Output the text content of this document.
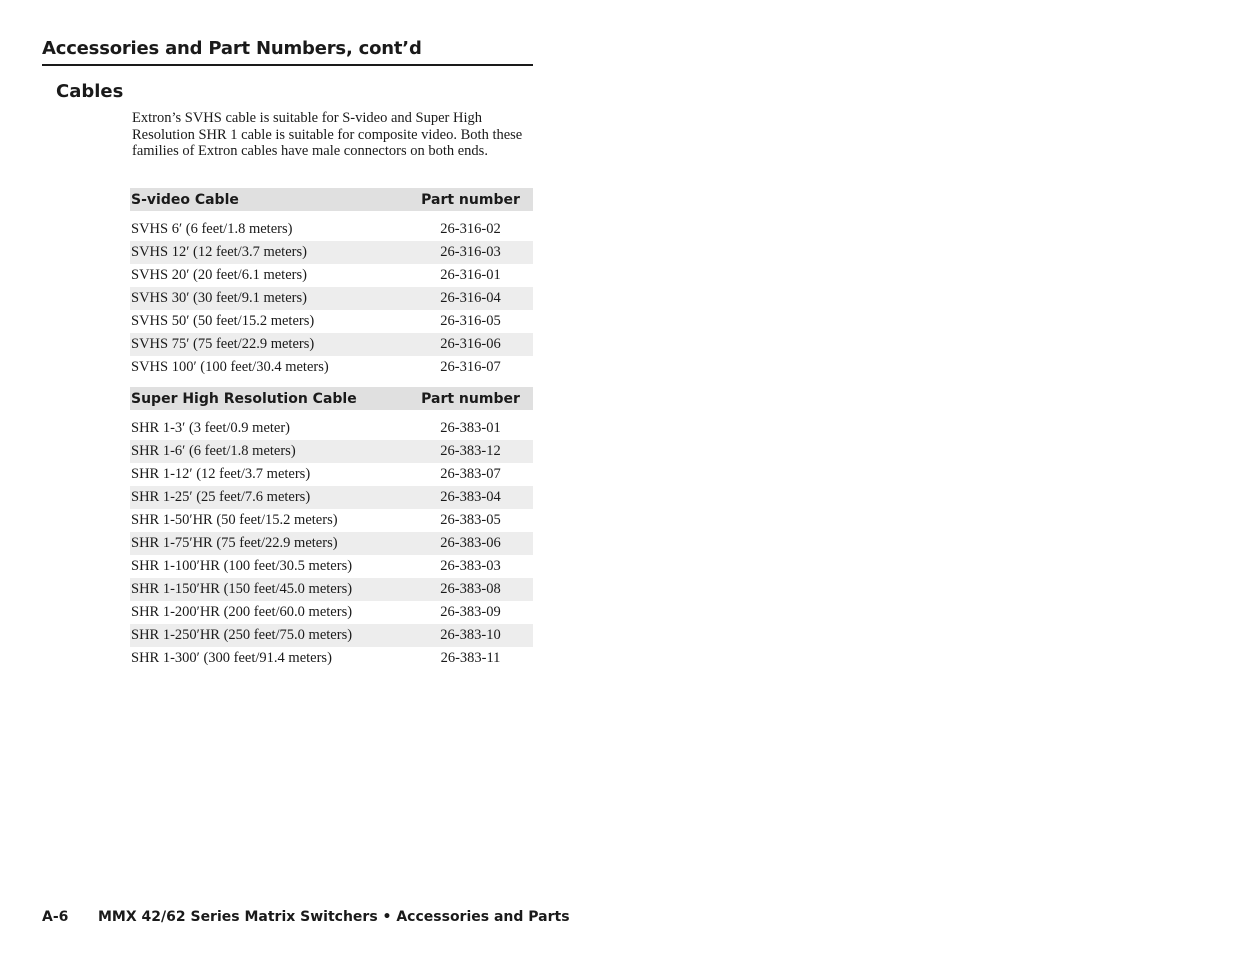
Accessories and Part Numbers, cont’d
Cables

Extron’s SVHS cable is suitable for S-video and Super High Resolution SHR 1 cable is suitable for composite video. Both these families of Extron cables have male connectors on both ends.

S-video Cable	Part number
SVHS 6′ (6 feet/1.8 meters)	26-316-02
SVHS 12′ (12 feet/3.7 meters)	26-316-03
SVHS 20′ (20 feet/6.1 meters)	26-316-01
SVHS 30′ (30 feet/9.1 meters)	26-316-04
SVHS 50′ (50 feet/15.2 meters)	26-316-05
SVHS 75′ (75 feet/22.9 meters)	26-316-06
SVHS 100′ (100 feet/30.4 meters)	26-316-07
Super High Resolution Cable	Part number
SHR 1-3′ (3 feet/0.9 meter)	26-383-01
SHR 1-6′ (6 feet/1.8 meters)	26-383-12
SHR 1-12′ (12 feet/3.7 meters)	26-383-07
SHR 1-25′ (25 feet/7.6 meters)	26-383-04
SHR 1-50′HR (50 feet/15.2 meters)	26-383-05
SHR 1-75′HR (75 feet/22.9 meters)	26-383-06
SHR 1-100′HR (100 feet/30.5 meters)	26-383-03
SHR 1-150′HR (150 feet/45.0 meters)	26-383-08
SHR 1-200′HR (200 feet/60.0 meters)	26-383-09
SHR 1-250′HR (250 feet/75.0 meters)	26-383-10
SHR 1-300′ (300 feet/91.4 meters)	26-383-11
A-6	MMX 42/62 Series Matrix Switchers • Accessories and Parts
